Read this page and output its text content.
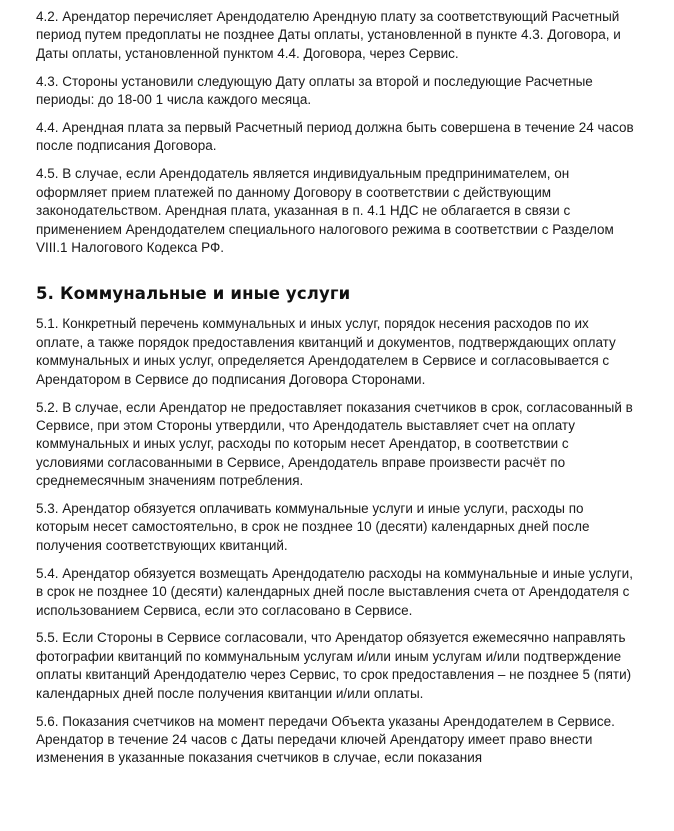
4.2. Арендатор перечисляет Арендодателю Арендную плату за соответствующий Расчетный период путем предоплаты не позднее Даты оплаты, установленной в пункте 4.3. Договора, и Даты оплаты, установленной пунктом 4.4. Договора, через Сервис.

4.3. Стороны установили следующую Дату оплаты за второй и последующие Расчетные периоды: до 18-00 1 числа каждого месяца.

4.4. Арендная плата за первый Расчетный период должна быть совершена в течение 24 часов после подписания Договора.

4.5. В случае, если Арендодатель является индивидуальным предпринимателем, он оформляет прием платежей по данному Договору в соответствии с действующим законодательством. Арендная плата, указанная в п. 4.1 НДС не облагается в связи с применением Арендодателем специального налогового режима в соответствии с Разделом VIII.1 Налогового Кодекса РФ.

5. Коммунальные и иные услуги

5.1. Конкретный перечень коммунальных и иных услуг, порядок несения расходов по их оплате, а также порядок предоставления квитанций и документов, подтверждающих оплату коммунальных и иных услуг, определяется Арендодателем в Сервисе и согласовывается с Арендатором в Сервисе до подписания Договора Сторонами.

5.2. В случае, если Арендатор не предоставляет показания счетчиков в срок, согласованный в Сервисе, при этом Стороны утвердили, что Арендодатель выставляет счет на оплату коммунальных и иных услуг, расходы по которым несет Арендатор, в соответствии с условиями согласованными в Сервисе, Арендодатель вправе произвести расчёт по среднемесячным значениям потребления.

5.3. Арендатор обязуется оплачивать коммунальные услуги и иные услуги, расходы по которым несет самостоятельно, в срок не позднее 10 (десяти) календарных дней после получения соответствующих квитанций.

5.4. Арендатор обязуется возмещать Арендодателю расходы на коммунальные и иные услуги, в срок не позднее 10 (десяти) календарных дней после выставления счета от Арендодателя с использованием Сервиса, если это согласовано в Сервисе.

5.5. Если Стороны в Сервисе согласовали, что Арендатор обязуется ежемесячно направлять фотографии квитанций по коммунальным услугам и/или иным услугам и/или подтверждение оплаты квитанций Арендодателю через Сервис, то срок предоставления – не позднее 5 (пяти) календарных дней после получения квитанции и/или оплаты.

5.6. Показания счетчиков на момент передачи Объекта указаны Арендодателем в Сервисе. Арендатор в течение 24 часов с Даты передачи ключей Арендатору имеет право внести изменения в указанные показания счетчиков в случае, если показания
